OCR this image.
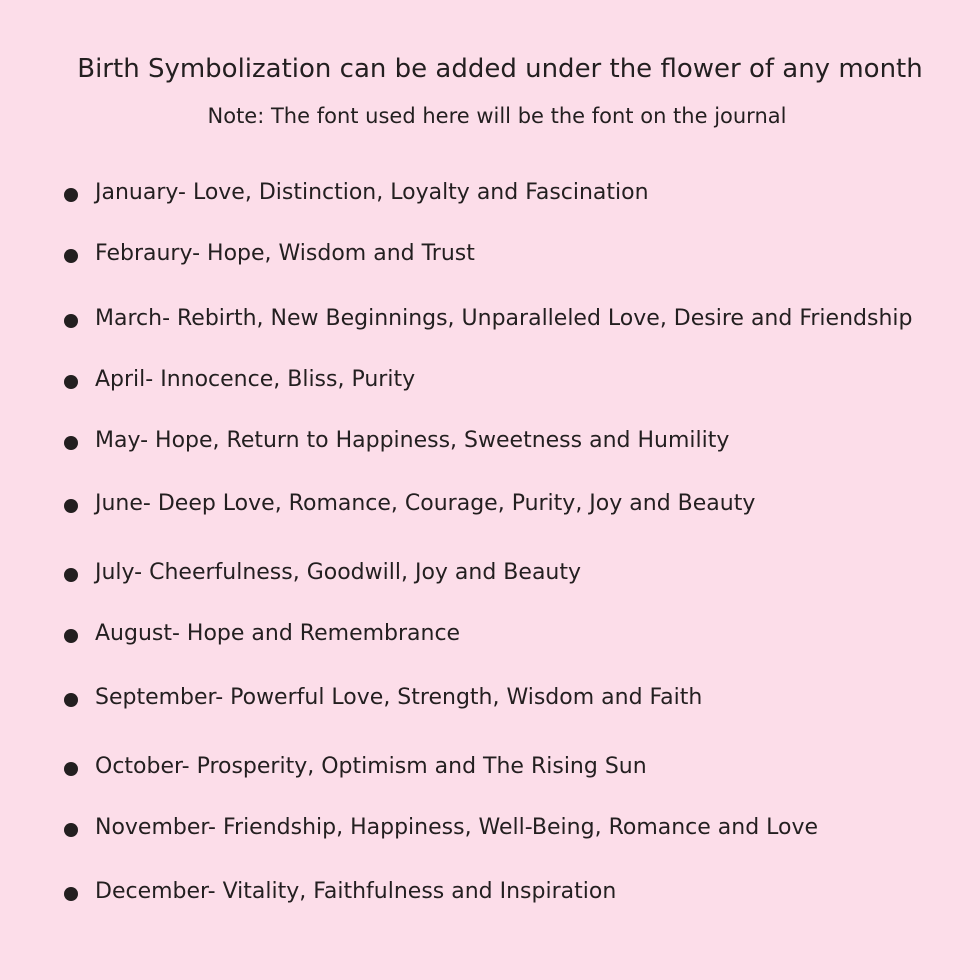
Birth Symbolization can be added under the flower of any month
Note: The font used here will be the font on the journal
January- Love, Distinction, Loyalty and Fascination
Febraury- Hope, Wisdom and Trust
March- Rebirth, New Beginnings, Unparalleled Love, Desire and Friendship
April- Innocence, Bliss, Purity
May- Hope, Return to Happiness, Sweetness and Humility
June- Deep Love, Romance, Courage, Purity, Joy and Beauty
July- Cheerfulness, Goodwill, Joy and Beauty
August- Hope and Remembrance
September- Powerful Love, Strength, Wisdom and Faith
October- Prosperity, Optimism and The Rising Sun
November- Friendship, Happiness, Well-Being, Romance and Love
December- Vitality, Faithfulness and Inspiration
